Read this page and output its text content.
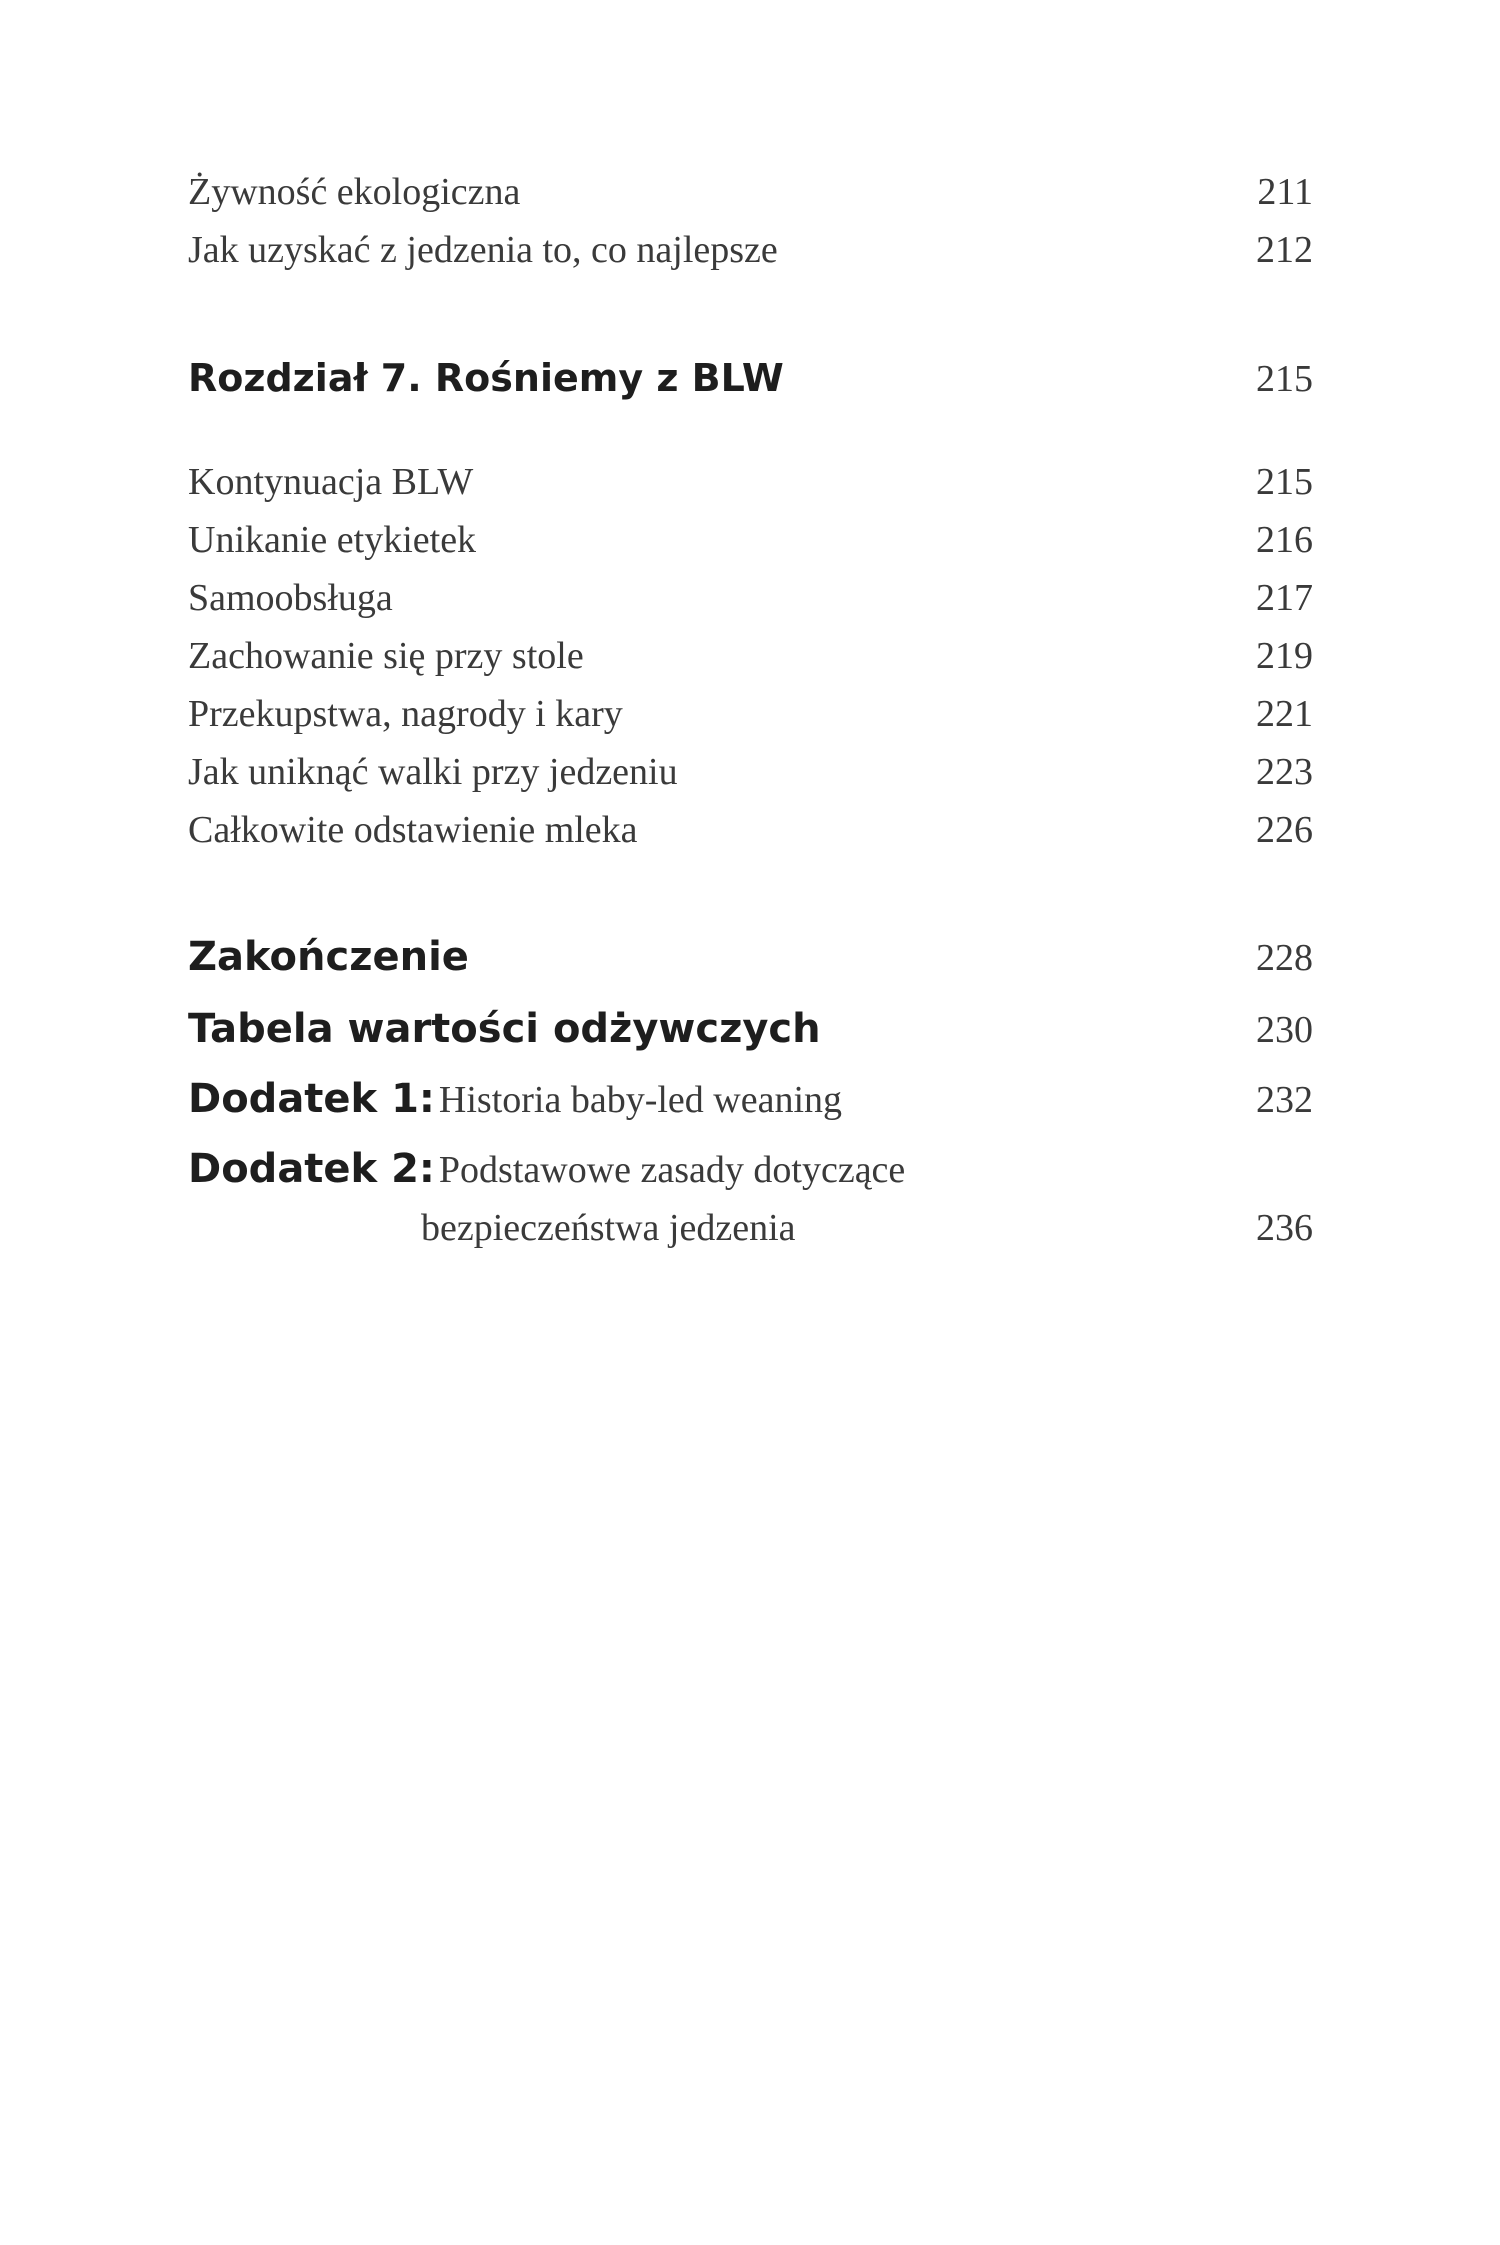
Żywność ekologiczna	211
Jak uzyskać z jedzenia to, co najlepsze	212
Rozdział 7. Rośniemy z BLW	215
Kontynuacja BLW	215
Unikanie etykietek	216
Samoobsługa	217
Zachowanie się przy stole	219
Przekupstwa, nagrody i kary	221
Jak uniknąć walki przy jedzeniu	223
Całkowite odstawienie mleka	226
Zakończenie	228
Tabela wartości odżywczych	230
Dodatek 1: Historia baby-led weaning	232
Dodatek 2: Podstawowe zasady dotyczące
bezpieczeństwa jedzenia	236
